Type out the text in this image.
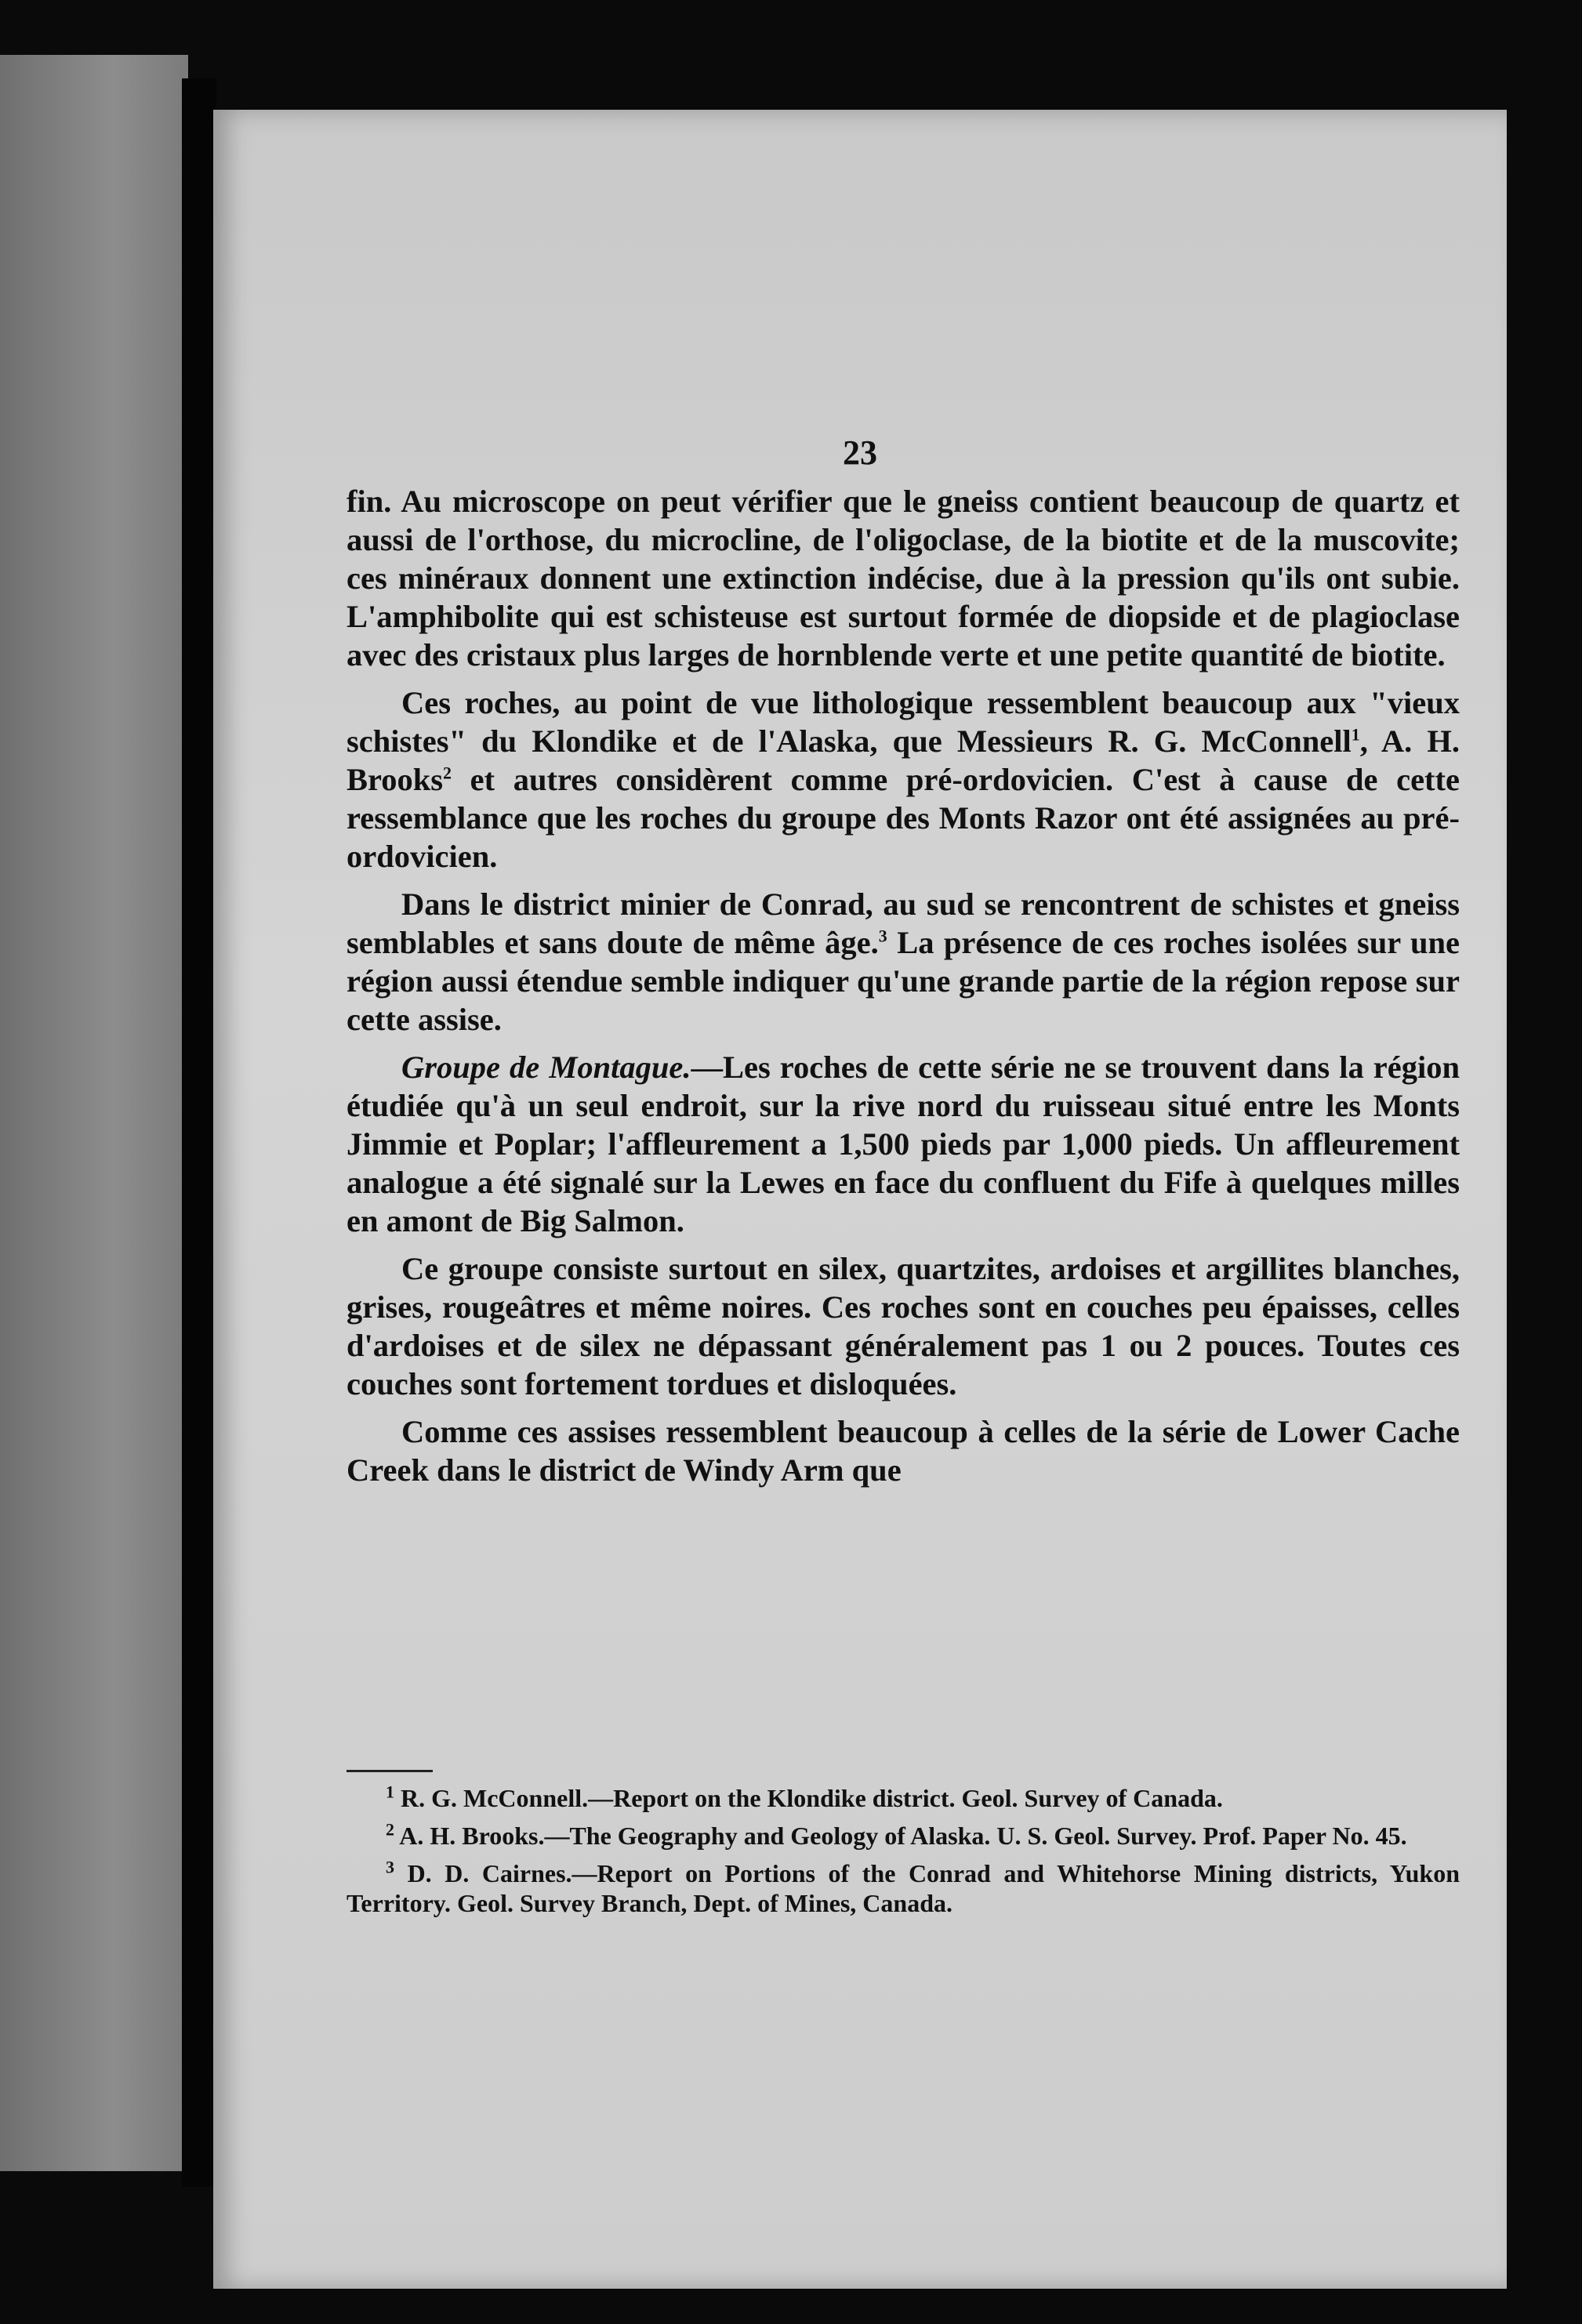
23

fin. Au microscope on peut vérifier que le gneiss contient beaucoup de quartz et aussi de l'orthose, du microcline, de l'oligoclase, de la biotite et de la muscovite; ces minéraux donnent une extinction indécise, due à la pression qu'ils ont subie. L'amphibolite qui est schisteuse est surtout formée de diopside et de plagioclase avec des cristaux plus larges de hornblende verte et une petite quantité de biotite.

Ces roches, au point de vue lithologique ressemblent beaucoup aux "vieux schistes" du Klondike et de l'Alaska, que Messieurs R. G. McConnell$^1$, A. H. Brooks$^2$ et autres considèrent comme pré-ordovicien. C'est à cause de cette ressemblance que les roches du groupe des Monts Razor ont été assignées au pré-ordovicien.

Dans le district minier de Conrad, au sud se rencontrent de schistes et gneiss semblables et sans doute de même âge.$^3$ La présence de ces roches isolées sur une région aussi étendue semble indiquer qu'une grande partie de la région repose sur cette assise.

Groupe de Montague.—Les roches de cette série ne se trouvent dans la région étudiée qu'à un seul endroit, sur la rive nord du ruisseau situé entre les Monts Jimmie et Poplar; l'affleurement a 1,500 pieds par 1,000 pieds. Un affleurement analogue a été signalé sur la Lewes en face du confluent du Fife à quelques milles en amont de Big Salmon.

Ce groupe consiste surtout en silex, quartzites, ardoises et argillites blanches, grises, rougeâtres et même noires. Ces roches sont en couches peu épaisses, celles d'ardoises et de silex ne dépassant généralement pas 1 ou 2 pouces. Toutes ces couches sont fortement tordues et disloquées.

Comme ces assises ressemblent beaucoup à celles de la série de Lower Cache Creek dans le district de Windy Arm que

$^1$ R. G. McConnell.—Report on the Klondike district. Geol. Survey of Canada.

$^2$ A. H. Brooks.—The Geography and Geology of Alaska. U. S. Geol. Survey. Prof. Paper No. 45.

$^3$ D. D. Cairnes.—Report on Portions of the Conrad and Whitehorse Mining districts, Yukon Territory. Geol. Survey Branch, Dept. of Mines, Canada.
